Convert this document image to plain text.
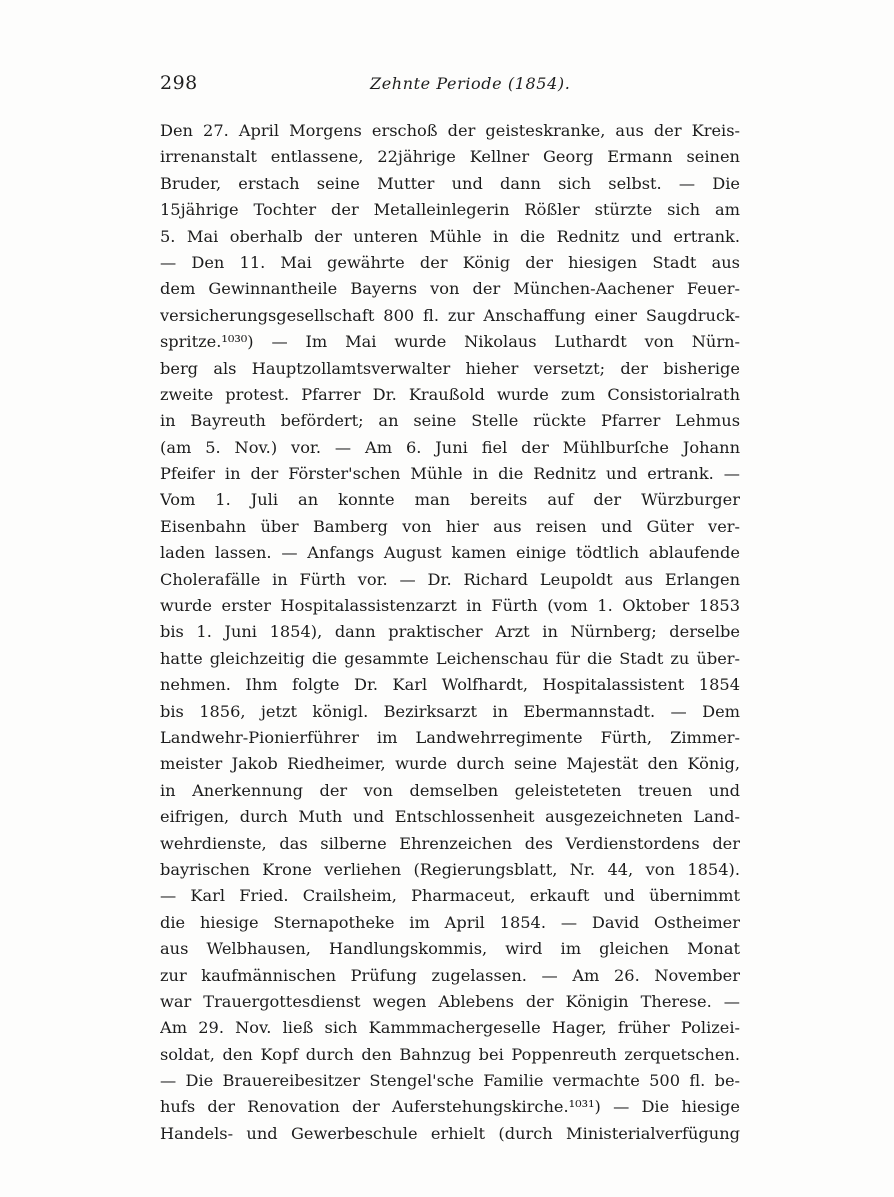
298	Zehnte Periode (1854).
Den 27. April Morgens erschoß der geisteskranke, aus der Kreis-
irrenanstalt entlassene, 22jährige Kellner Georg Ermann seinen
Bruder, erstach seine Mutter und dann sich selbst. — Die
15jährige Tochter der Metalleinlegerin Rößler stürzte sich am
5. Mai oberhalb der unteren Mühle in die Rednitz und ertrank.
— Den 11. Mai gewährte der König der hiesigen Stadt aus
dem Gewinnantheile Bayerns von der München-Aachener Feuer-
versicherungsgesellschaft 800 fl. zur Anschaffung einer Saugdruck-
spritze.¹⁰³⁰) — Im Mai wurde Nikolaus Luthardt von Nürn-
berg als Hauptzollamtsverwalter hieher versetzt; der bisherige
zweite protest. Pfarrer Dr. Kraußold wurde zum Consistorialrath
in Bayreuth befördert; an seine Stelle rückte Pfarrer Lehmus
(am 5. Nov.) vor. — Am 6. Juni fiel der Mühlburſche Johann
Pfeifer in der Förster'schen Mühle in die Rednitz und ertrank. —
Vom 1. Juli an konnte man bereits auf der Würzburger
Eisenbahn über Bamberg von hier aus reisen und Güter ver-
laden lassen. — Anfangs August kamen einige tödtlich ablaufende
Cholerafälle in Fürth vor. — Dr. Richard Leupoldt aus Erlangen
wurde erster Hospitalassistenzarzt in Fürth (vom 1. Oktober 1853
bis 1. Juni 1854), dann praktischer Arzt in Nürnberg; derselbe
hatte gleichzeitig die gesammte Leichenschau für die Stadt zu über-
nehmen. Ihm folgte Dr. Karl Wolfhardt, Hospitalassistent 1854
bis 1856, jetzt königl. Bezirksarzt in Ebermannstadt. — Dem
Landwehr-Pionierführer im Landwehrregimente Fürth, Zimmer-
meister Jakob Riedheimer, wurde durch seine Majestät den König,
in Anerkennung der von demselben geleisteteten treuen und
eifrigen, durch Muth und Entschlossenheit ausgezeichneten Land-
wehrdienste, das silberne Ehrenzeichen des Verdienstordens der
bayrischen Krone verliehen (Regierungsblatt, Nr. 44, von 1854).
— Karl Fried. Crailsheim, Pharmaceut, erkauft und übernimmt
die hiesige Sternapotheke im April 1854. — David Ostheimer
aus Welbhausen, Handlungskommis, wird im gleichen Monat
zur kaufmännischen Prüfung zugelassen. — Am 26. November
war Trauergottesdienst wegen Ablebens der Königin Therese. —
Am 29. Nov. ließ sich Kammmachergeselle Hager, früher Polizei-
soldat, den Kopf durch den Bahnzug bei Poppenreuth zerquetschen.
— Die Brauereibesitzer Stengel'sche Familie vermachte 500 fl. be-
hufs der Renovation der Auferstehungskirche.¹⁰³¹) — Die hiesige
Handels- und Gewerbeschule erhielt (durch Ministerialverfügung
